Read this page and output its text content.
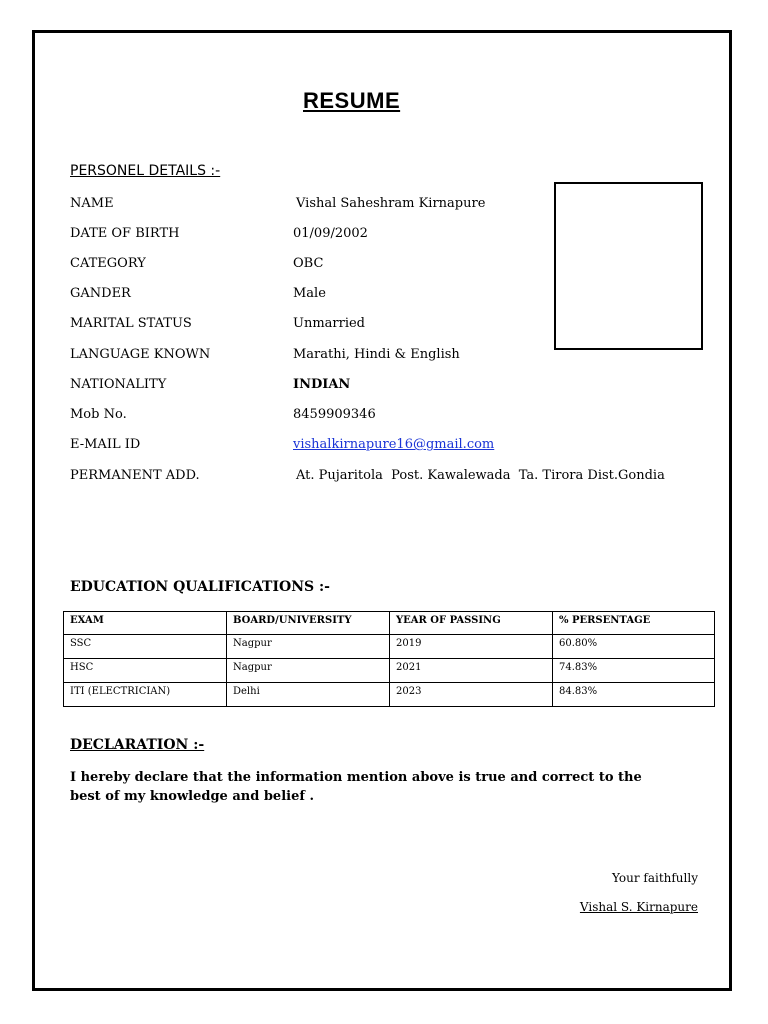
RESUME
PERSONEL DETAILS :-
NAME	Vishal Saheshram Kirnapure
DATE OF BIRTH	01/09/2002
CATEGORY	OBC
GANDER	Male
MARITAL STATUS	Unmarried
LANGUAGE KNOWN	Marathi, Hindi & English
NATIONALITY	INDIAN
Mob No.	8459909346
E-MAIL ID	vishalkirnapure16@gmail.com
PERMANENT ADD.	At. Pujaritola  Post. Kawalewada  Ta. Tirora Dist.Gondia
EDUCATION QUALIFICATIONS :-
EXAM	BOARD/UNIVERSITY	YEAR OF PASSING	% PERSENTAGE
SSC	Nagpur	2019	60.80%
HSC	Nagpur	2021	74.83%
ITI (ELECTRICIAN)	Delhi	2023	84.83%
DECLARATION :-
I hereby declare that the information mention above is true and correct to the best of my knowledge and belief .
Your faithfully
Vishal S. Kirnapure
